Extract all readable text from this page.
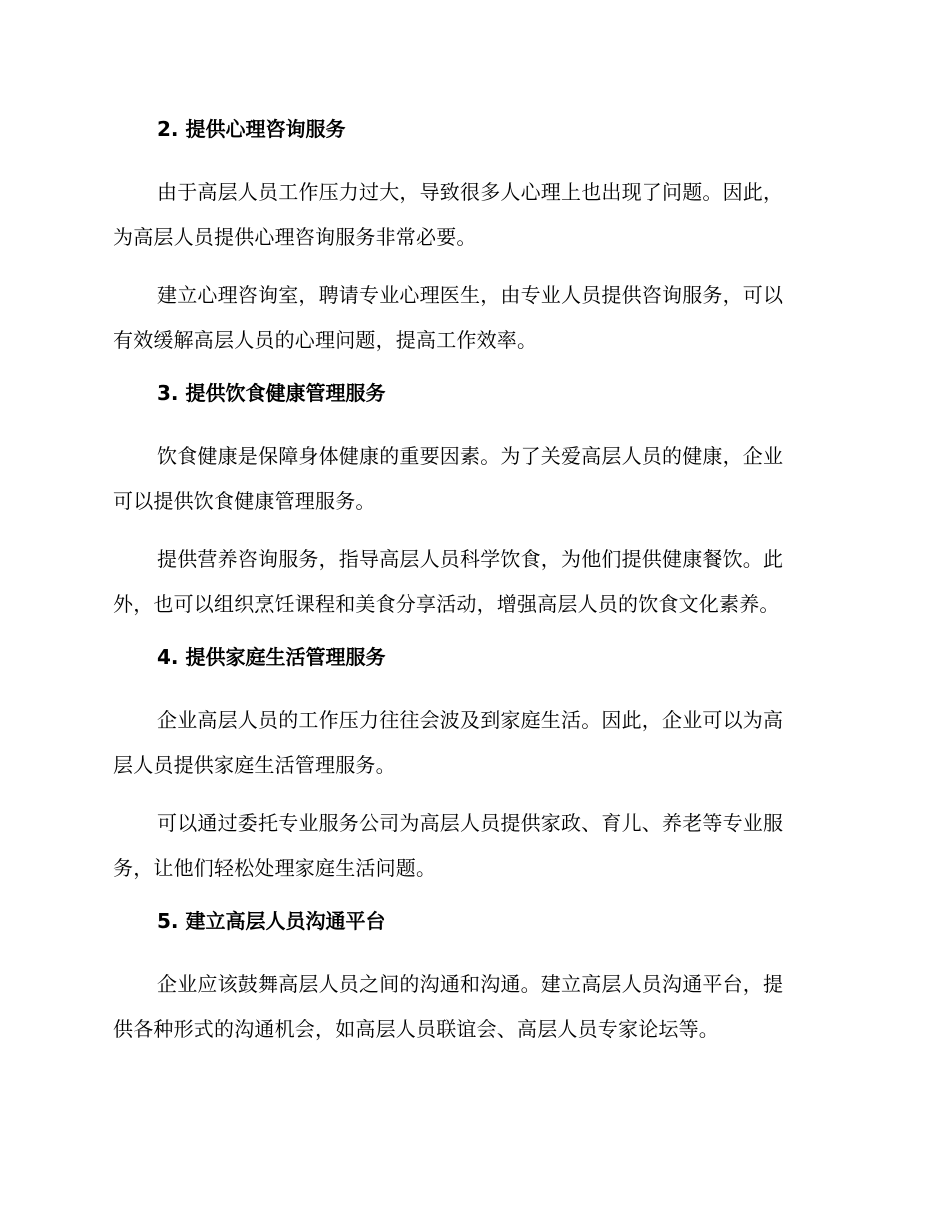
2. 提供心理咨询服务

由于高层人员工作压力过大，导致很多人心理上也出现了问题。因此，
为高层人员提供心理咨询服务非常必要。

建立心理咨询室，聘请专业心理医生，由专业人员提供咨询服务，可以
有效缓解高层人员的心理问题，提高工作效率。

3. 提供饮食健康管理服务

饮食健康是保障身体健康的重要因素。为了关爱高层人员的健康，企业
可以提供饮食健康管理服务。

提供营养咨询服务，指导高层人员科学饮食，为他们提供健康餐饮。此
外，也可以组织烹饪课程和美食分享活动，增强高层人员的饮食文化素养。

4. 提供家庭生活管理服务

企业高层人员的工作压力往往会波及到家庭生活。因此，企业可以为高
层人员提供家庭生活管理服务。

可以通过委托专业服务公司为高层人员提供家政、育儿、养老等专业服
务，让他们轻松处理家庭生活问题。

5. 建立高层人员沟通平台

企业应该鼓舞高层人员之间的沟通和沟通。建立高层人员沟通平台，提
供各种形式的沟通机会，如高层人员联谊会、高层人员专家论坛等。
